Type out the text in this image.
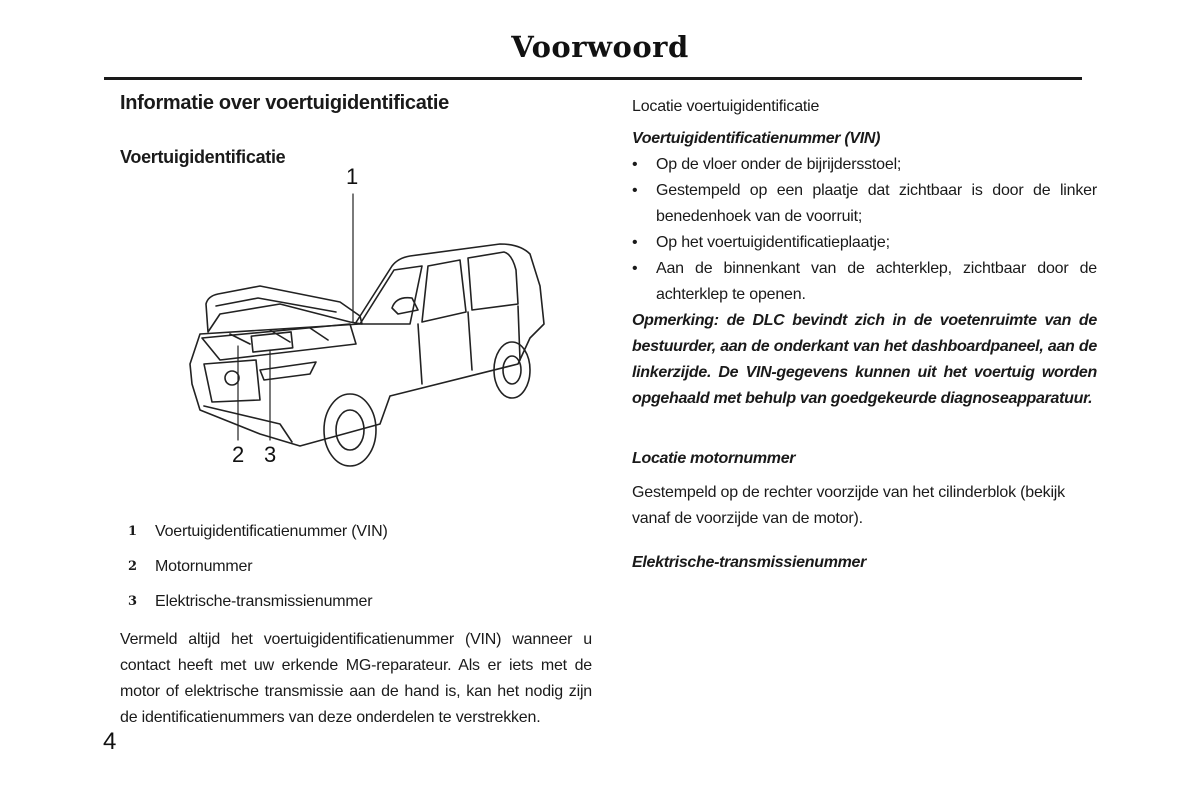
Voorwoord
Informatie over voertuigidentificatie
Voertuigidentificatie
1
2 3
1	Voertuigidentificatienummer (VIN)
2	Motornummer
3	Elektrische-transmissienummer

Vermeld altijd het voertuigidentificatienummer (VIN) wanneer u contact heeft met uw erkende MG-reparateur. Als er iets met de motor of elektrische transmissie aan de hand is, kan het nodig zijn de identificatienummers van deze onderdelen te verstrekken.

Locatie voertuigidentificatie

Voertuigidentificatienummer (VIN)

• Op de vloer onder de bijrijdersstoel;
• Gestempeld op een plaatje dat zichtbaar is door de linker benedenhoek van de voorruit;
• Op het voertuigidentificatieplaatje;
• Aan de binnenkant van de achterklep, zichtbaar door de achterklep te openen.

Opmerking: de DLC bevindt zich in de voetenruimte van de bestuurder, aan de onderkant van het dashboardpaneel, aan de linkerzijde. De VIN-gegevens kunnen uit het voertuig worden opgehaald met behulp van goedgekeurde diagnoseapparatuur.

Locatie motornummer

Gestempeld op de rechter voorzijde van het cilinderblok (bekijk vanaf de voorzijde van de motor).

Elektrische-transmissienummer

4
